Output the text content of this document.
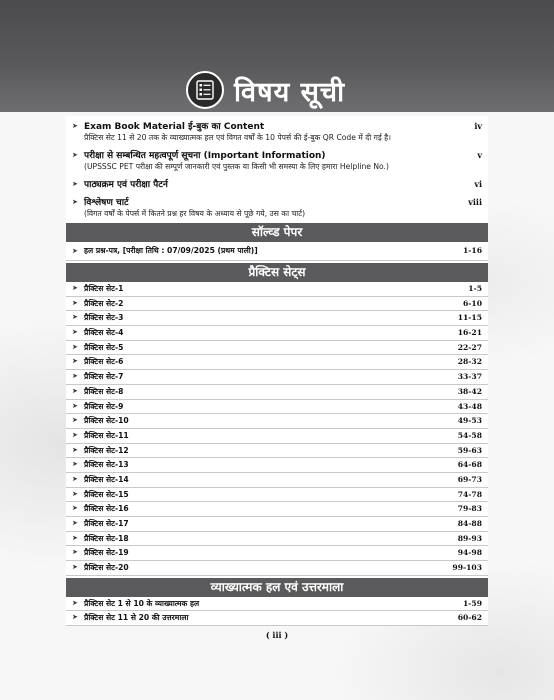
विषय सूची
➤ Exam Book Material ई-बुक का Content
प्रैक्टिस सेट 11 से 20 तक के व्याख्यात्मक हल एवं विगत वर्षों के 10 पेपर्स की ई-बुक QR Code में दी गई है।
iv
➤ परीक्षा से सम्बन्धित महत्वपूर्ण सूचना (Important Information)
(UPSSSC PET परीक्षा की सम्पूर्ण जानकारी एवं पुस्तक या किसी भी समस्या के लिए हमारा Helpline No.)
v
➤ पाठ्यक्रम एवं परीक्षा पैटर्न	vi
➤ विश्लेषण चार्ट
(विगत वर्षों के पेपर्स में कितने प्रश्न हर विषय के अध्याय से पूछे गये, उस का चार्ट)
viii
सॉल्व्ड पेपर
➤ हल प्रश्न-पत्र, [परीक्षा तिथि : 07/09/2025 (प्रथम पाली)]	1-16
प्रैक्टिस सेट्स
➤ प्रैक्टिस सेट-1	1-5
➤ प्रैक्टिस सेट-2	6-10
➤ प्रैक्टिस सेट-3	11-15
➤ प्रैक्टिस सेट-4	16-21
➤ प्रैक्टिस सेट-5	22-27
➤ प्रैक्टिस सेट-6	28-32
➤ प्रैक्टिस सेट-7	33-37
➤ प्रैक्टिस सेट-8	38-42
➤ प्रैक्टिस सेट-9	43-48
➤ प्रैक्टिस सेट-10	49-53
➤ प्रैक्टिस सेट-11	54-58
➤ प्रैक्टिस सेट-12	59-63
➤ प्रैक्टिस सेट-13	64-68
➤ प्रैक्टिस सेट-14	69-73
➤ प्रैक्टिस सेट-15	74-78
➤ प्रैक्टिस सेट-16	79-83
➤ प्रैक्टिस सेट-17	84-88
➤ प्रैक्टिस सेट-18	89-93
➤ प्रैक्टिस सेट-19	94-98
➤ प्रैक्टिस सेट-20	99-103
व्याख्यात्मक हल एवं उत्तरमाला
➤ प्रैक्टिस सेट 1 से 10 के व्याख्यात्मक हल	1-59
➤ प्रैक्टिस सेट 11 से 20 की उत्तरमाला	60-62
( iii )
